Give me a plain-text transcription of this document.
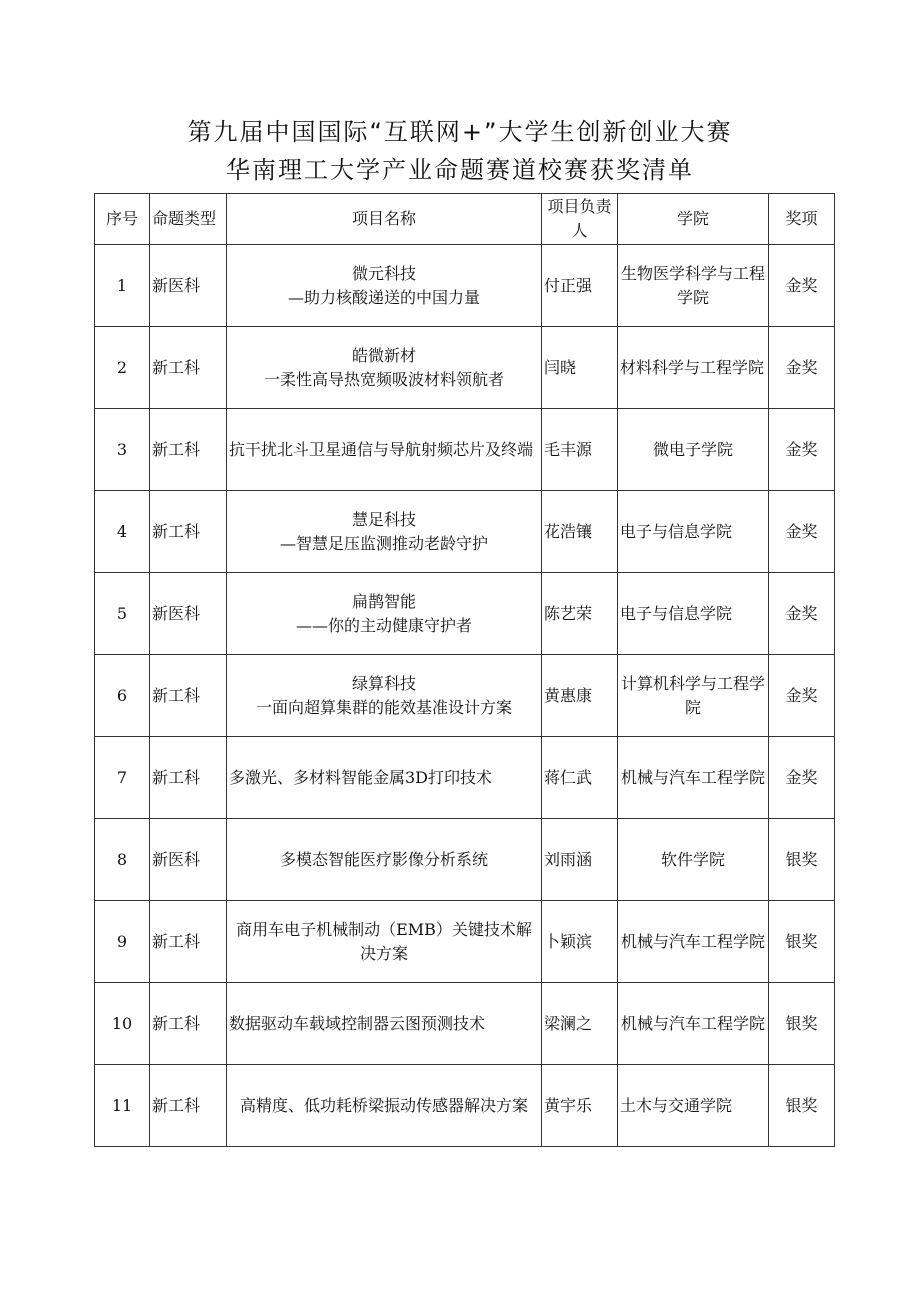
第九届中国国际“互联网+”大学生创新创业大赛
华南理工大学产业命题赛道校赛获奖清单
序号	命题类型	项目名称	项目负责人	学院	奖项
1	新医科	微元科技
—助力核酸递送的中国力量	付正强	生物医学科学与工程学院	金奖
2	新工科	皓微新材
一柔性高导热宽频吸波材料领航者	闫晓	材料科学与工程学院	金奖
3	新工科	抗干扰北斗卫星通信与导航射频芯片及终端	毛丰源	微电子学院	金奖
4	新工科	慧足科技
—智慧足压监测推动老龄守护	花浩镶	电子与信息学院	金奖
5	新医科	扁鹊智能
——你的主动健康守护者	陈艺荣	电子与信息学院	金奖
6	新工科	绿算科技
一面向超算集群的能效基准设计方案	黄惠康	计算机科学与工程学院	金奖
7	新工科	多激光、多材料智能金属3D打印技术	蒋仁武	机械与汽车工程学院	金奖
8	新医科	多模态智能医疗影像分析系统	刘雨涵	软件学院	银奖
9	新工科	商用车电子机械制动（EMB）关键技术解决方案	卜颖滨	机械与汽车工程学院	银奖
10	新工科	数据驱动车载域控制器云图预测技术	梁澜之	机械与汽车工程学院	银奖
11	新工科	高精度、低功耗桥梁振动传感器解决方案	黄宇乐	土木与交通学院	银奖
